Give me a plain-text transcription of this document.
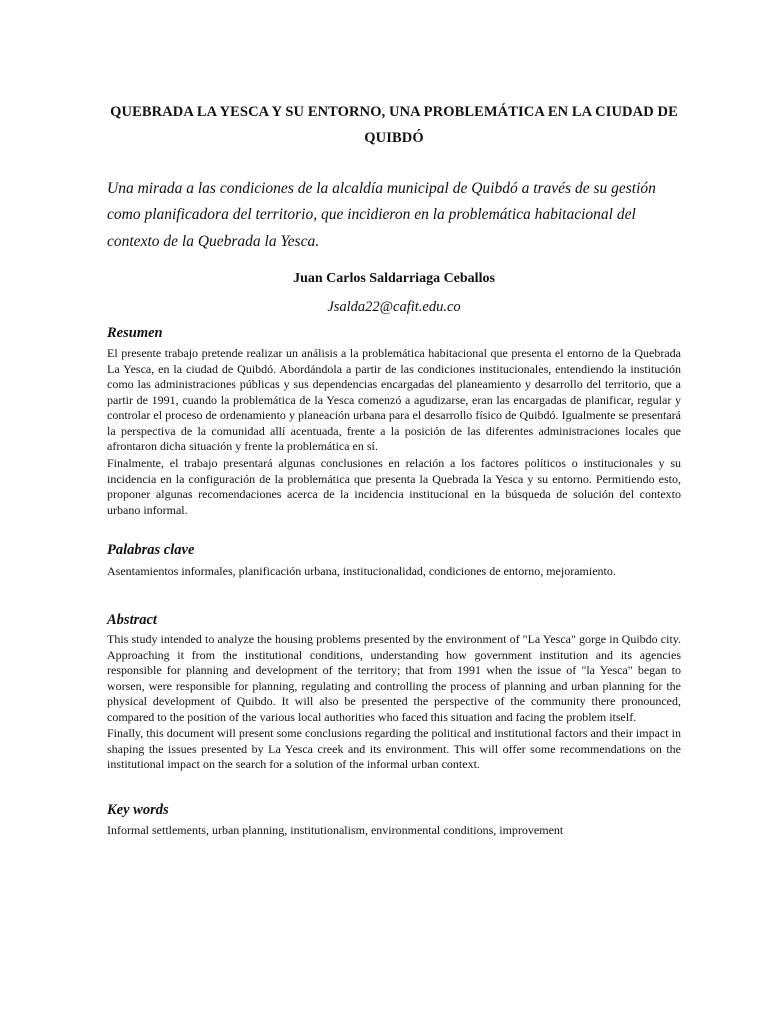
QUEBRADA LA YESCA Y SU ENTORNO, UNA PROBLEMÁTICA EN LA CIUDAD DE QUIBDÓ

Una mirada a las condiciones de la alcaldía municipal de Quibdó a través de su gestión como planificadora del territorio, que incidieron en la problemática habitacional del contexto de la Quebrada la Yesca.

Juan Carlos Saldarriaga Ceballos
Jsalda22@cafit.edu.co
Resumen

El presente trabajo pretende realizar un análisis a la problemática habitacional que presenta el entorno de la Quebrada La Yesca, en la ciudad de Quibdó. Abordándola a partir de las condiciones institucionales, entendiendo la institución como las administraciones públicas y sus dependencias encargadas del planeamiento y desarrollo del territorio, que a partir de 1991, cuando la problemática de la Yesca comenzó a agudizarse, eran las encargadas de planificar, regular y controlar el proceso de ordenamiento y planeación urbana para el desarrollo físico de Quibdó. Igualmente se presentará la perspectiva de la comunidad allí acentuada, frente a la posición de las diferentes administraciones locales que afrontaron dicha situación y frente la problemática en sí.

Finalmente, el trabajo presentará algunas conclusiones en relación a los factores políticos o institucionales y su incidencia en la configuración de la problemática que presenta la Quebrada la Yesca y su entorno. Permitiendo esto, proponer algunas recomendaciones acerca de la incidencia institucional en la búsqueda de solución del contexto urbano informal.

Palabras clave

Asentamientos informales, planificación urbana, institucionalidad, condiciones de entorno, mejoramiento.

Abstract

This study intended to analyze the housing problems presented by the environment of "La Yesca" gorge in Quibdo city. Approaching it from the institutional conditions, understanding how government institution and its agencies responsible for planning and development of the territory; that from 1991 when the issue of "la Yesca" began to worsen, were responsible for planning, regulating and controlling the process of planning and urban planning for the physical development of Quibdo. It will also be presented the perspective of the community there pronounced, compared to the position of the various local authorities who faced this situation and facing the problem itself.

Finally, this document will present some conclusions regarding the political and institutional factors and their impact in shaping the issues presented by La Yesca creek and its environment. This will offer some recommendations on the institutional impact on the search for a solution of the informal urban context.

Key words

Informal settlements, urban planning, institutionalism, environmental conditions, improvement
